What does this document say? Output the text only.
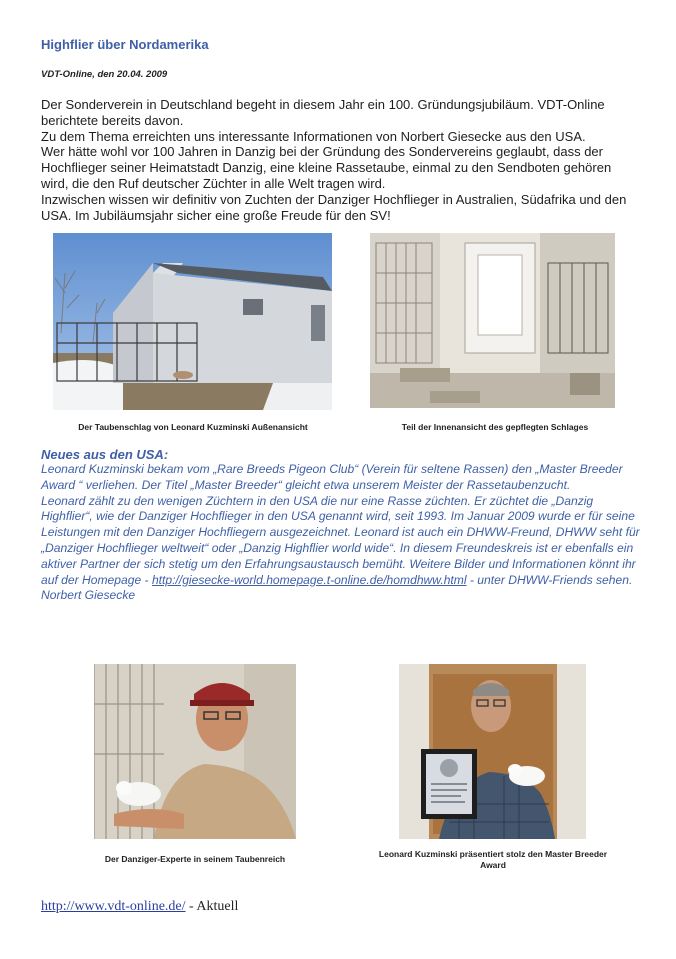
Highflier über Nordamerika
VDT-Online, den 20.04. 2009

Der Sonderverein in Deutschland begeht in diesem Jahr ein 100. Gründungsjubiläum. VDT-Online berichtete bereits davon.

Zu dem Thema erreichten uns interessante Informationen von Norbert Giesecke aus den USA.

Wer hätte wohl vor 100 Jahren in Danzig bei der Gründung des Sondervereins geglaubt, dass der Hochflieger seiner Heimatstadt Danzig, eine kleine Rassetaube, einmal zu den Sendboten gehören wird, die den Ruf deutscher Züchter in alle Welt tragen wird.

Inzwischen wissen wir definitiv von Zuchten der Danziger Hochflieger in Australien, Südafrika und den USA. Im Jubiläumsjahr sicher eine große Freude für den SV!

Der Taubenschlag von Leonard Kuzminski Außenansicht	Teil der Innenansicht des gepflegten Schlages
Neues aus den USA:

Leonard Kuzminski bekam vom „Rare Breeds Pigeon Club“ (Verein für seltene Rassen) den „Master Breeder Award “ verliehen. Der Titel „Master Breeder“ gleicht etwa unserem Meister der Rassetaubenzucht.

Leonard zählt zu den wenigen Züchtern in den USA die nur eine Rasse züchten. Er züchtet die „Danzig Highflier“, wie der Danziger Hochflieger in den USA genannt wird, seit 1993. Im Januar 2009 wurde er für seine Leistungen mit den Danziger Hochfliegern ausgezeichnet. Leonard ist auch ein DHWW-Freund, DHWW seht für „Danziger Hochflieger weltweit“ oder „Danzig Highflier world wide“. In diesem Freundeskreis ist er ebenfalls ein aktiver Partner der sich stetig um den Erfahrungsaustausch bemüht. Weitere Bilder und Informationen könnt ihr auf der Homepage - http://giesecke-world.homepage.t-online.de/homdhww.html - unter DHWW-Friends sehen.

Norbert Giesecke

Der Danziger-Experte in seinem Taubenreich	Leonard Kuzminski präsentiert stolz den Master Breeder Award
http://www.vdt-online.de/ - Aktuell
